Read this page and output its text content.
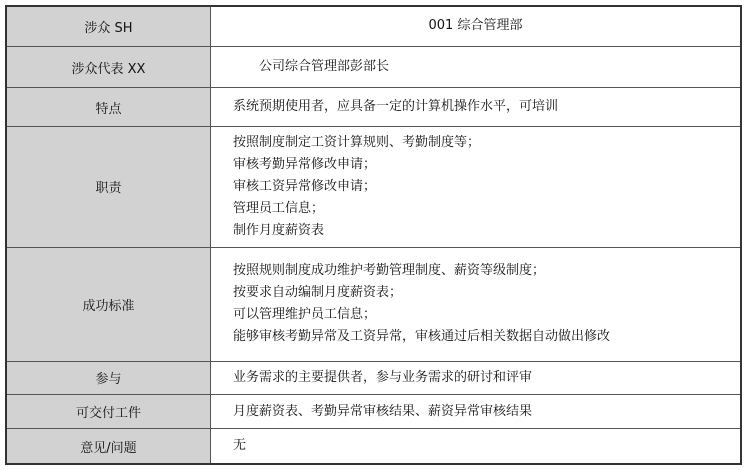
涉众 SH	001 综合管理部
涉众代表 XX	公司综合管理部彭部长
特点	系统预期使用者，应具备一定的计算机操作水平，可培训
职责	按照制度制定工资计算规则、考勤制度等；
审核考勤异常修改申请；
审核工资异常修改申请；
管理员工信息；
制作月度薪资表

成功标准	按照规则制度成功维护考勤管理制度、薪资等级制度；
按要求自动编制月度薪资表；
可以管理维护员工信息；
能够审核考勤异常及工资异常，审核通过后相关数据自动做出修改

参与	业务需求的主要提供者，参与业务需求的研讨和评审
可交付工件	月度薪资表、考勤异常审核结果、薪资异常审核结果
意见/问题	无
